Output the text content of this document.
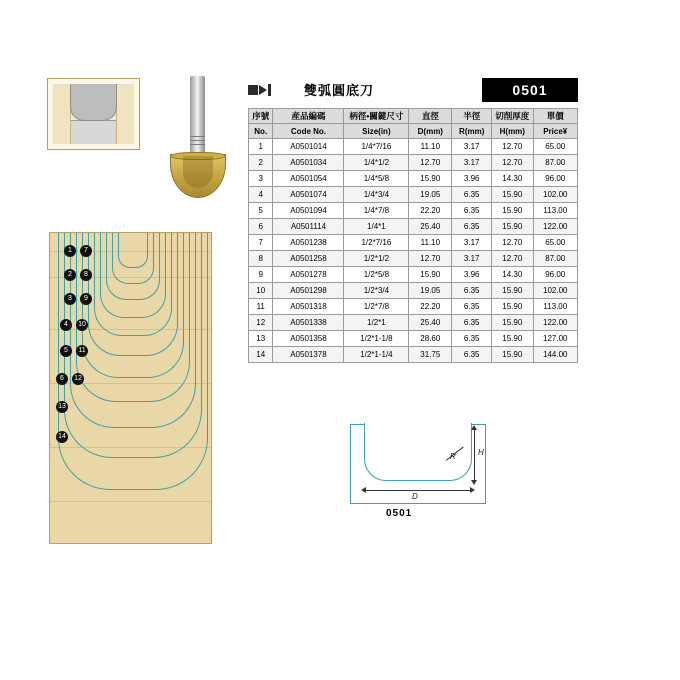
1	7
2	8
3	9
4	10
5	11
6	12
13
14
雙弧圓底刀	0501
序號	産品編碼	柄徑•關鍵尺寸	直徑	半徑	切削厚度	單價
No.	Code No.	Size(in)	D(mm)	R(mm)	H(mm)	Price¥
1	A0501014	1/4*7/16	11.10	3.17	12.70	65.00
2	A0501034	1/4*1/2	12.70	3.17	12.70	87.00
3	A0501054	1/4*5/8	15.90	3.96	14.30	96.00
4	A0501074	1/4*3/4	19.05	6.35	15.90	102.00
5	A0501094	1/4*7/8	22.20	6.35	15.90	113.00
6	A0501114	1/4*1	25.40	6.35	15.90	122.00
7	A0501238	1/2*7/16	11.10	3.17	12.70	65.00
8	A0501258	1/2*1/2	12.70	3.17	12.70	87.00
9	A0501278	1/2*5/8	15.90	3.96	14.30	96.00
10	A0501298	1/2*3/4	19.05	6.35	15.90	102.00
11	A0501318	1/2*7/8	22.20	6.35	15.90	113.00
12	A0501338	1/2*1	25.40	6.35	15.90	122.00
13	A0501358	1/2*1-1/8	28.60	6.35	15.90	127.00
14	A0501378	1/2*1-1/4	31.75	6.35	15.90	144.00
D
H
R
0501
